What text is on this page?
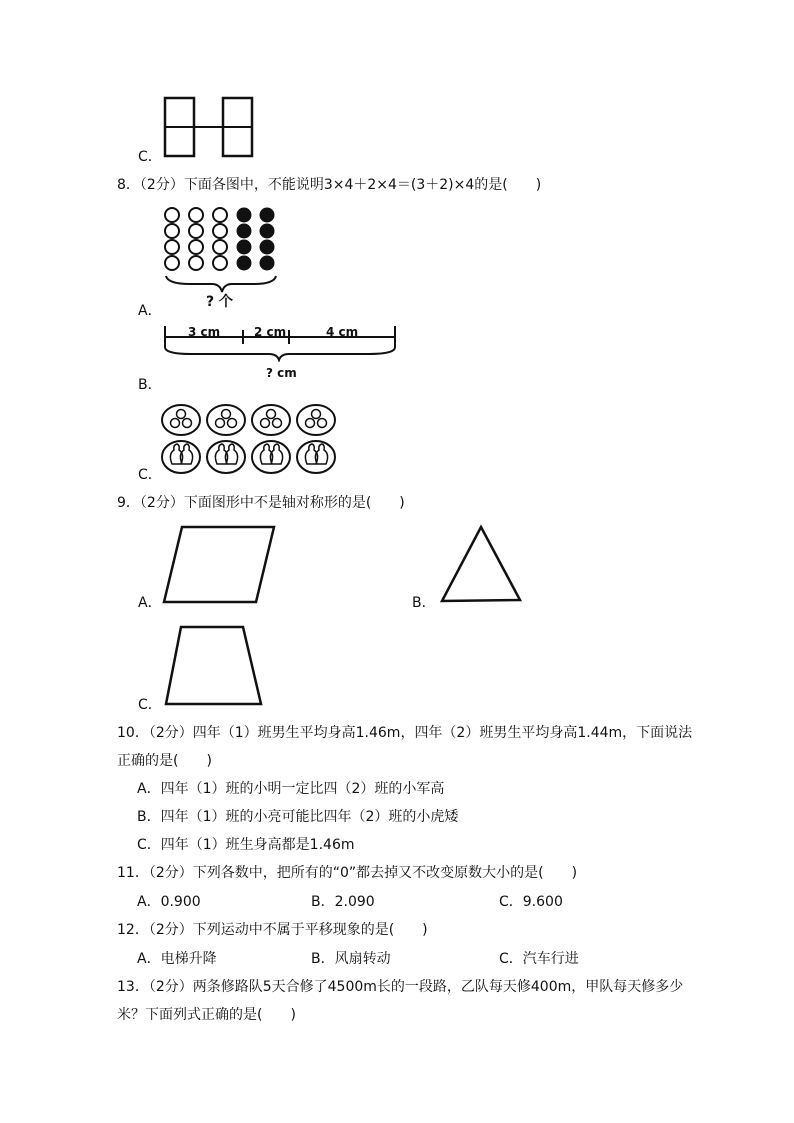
C．
8．（2分）下面各图中，不能说明3×4＋2×4＝(3＋2)×4的是(　　)
? 个
A．
3 cm	2 cm	4 cm
? cm
B．
C．
9．（2分）下面图形中不是轴对称形的是(　　)
A．	B．
C．
10．（2分）四年（1）班男生平均身高1.46m，四年（2）班男生平均身高1.44m，下面说法
正确的是(　　)
A．四年（1）班的小明一定比四（2）班的小军高
B．四年（1）班的小亮可能比四年（2）班的小虎矮
C．四年（1）班生身高都是1.46m
11．（2分）下列各数中，把所有的“0”都去掉又不改变原数大小的是(　　)
A．0.900	B．2.090	C．9.600
12．（2分）下列运动中不属于平移现象的是(　　)
A．电梯升降	B．风扇转动	C．汽车行进
13．（2分）两条修路队5天合修了4500m长的一段路，乙队每天修400m，甲队每天修多少
米？下面列式正确的是(　　)
